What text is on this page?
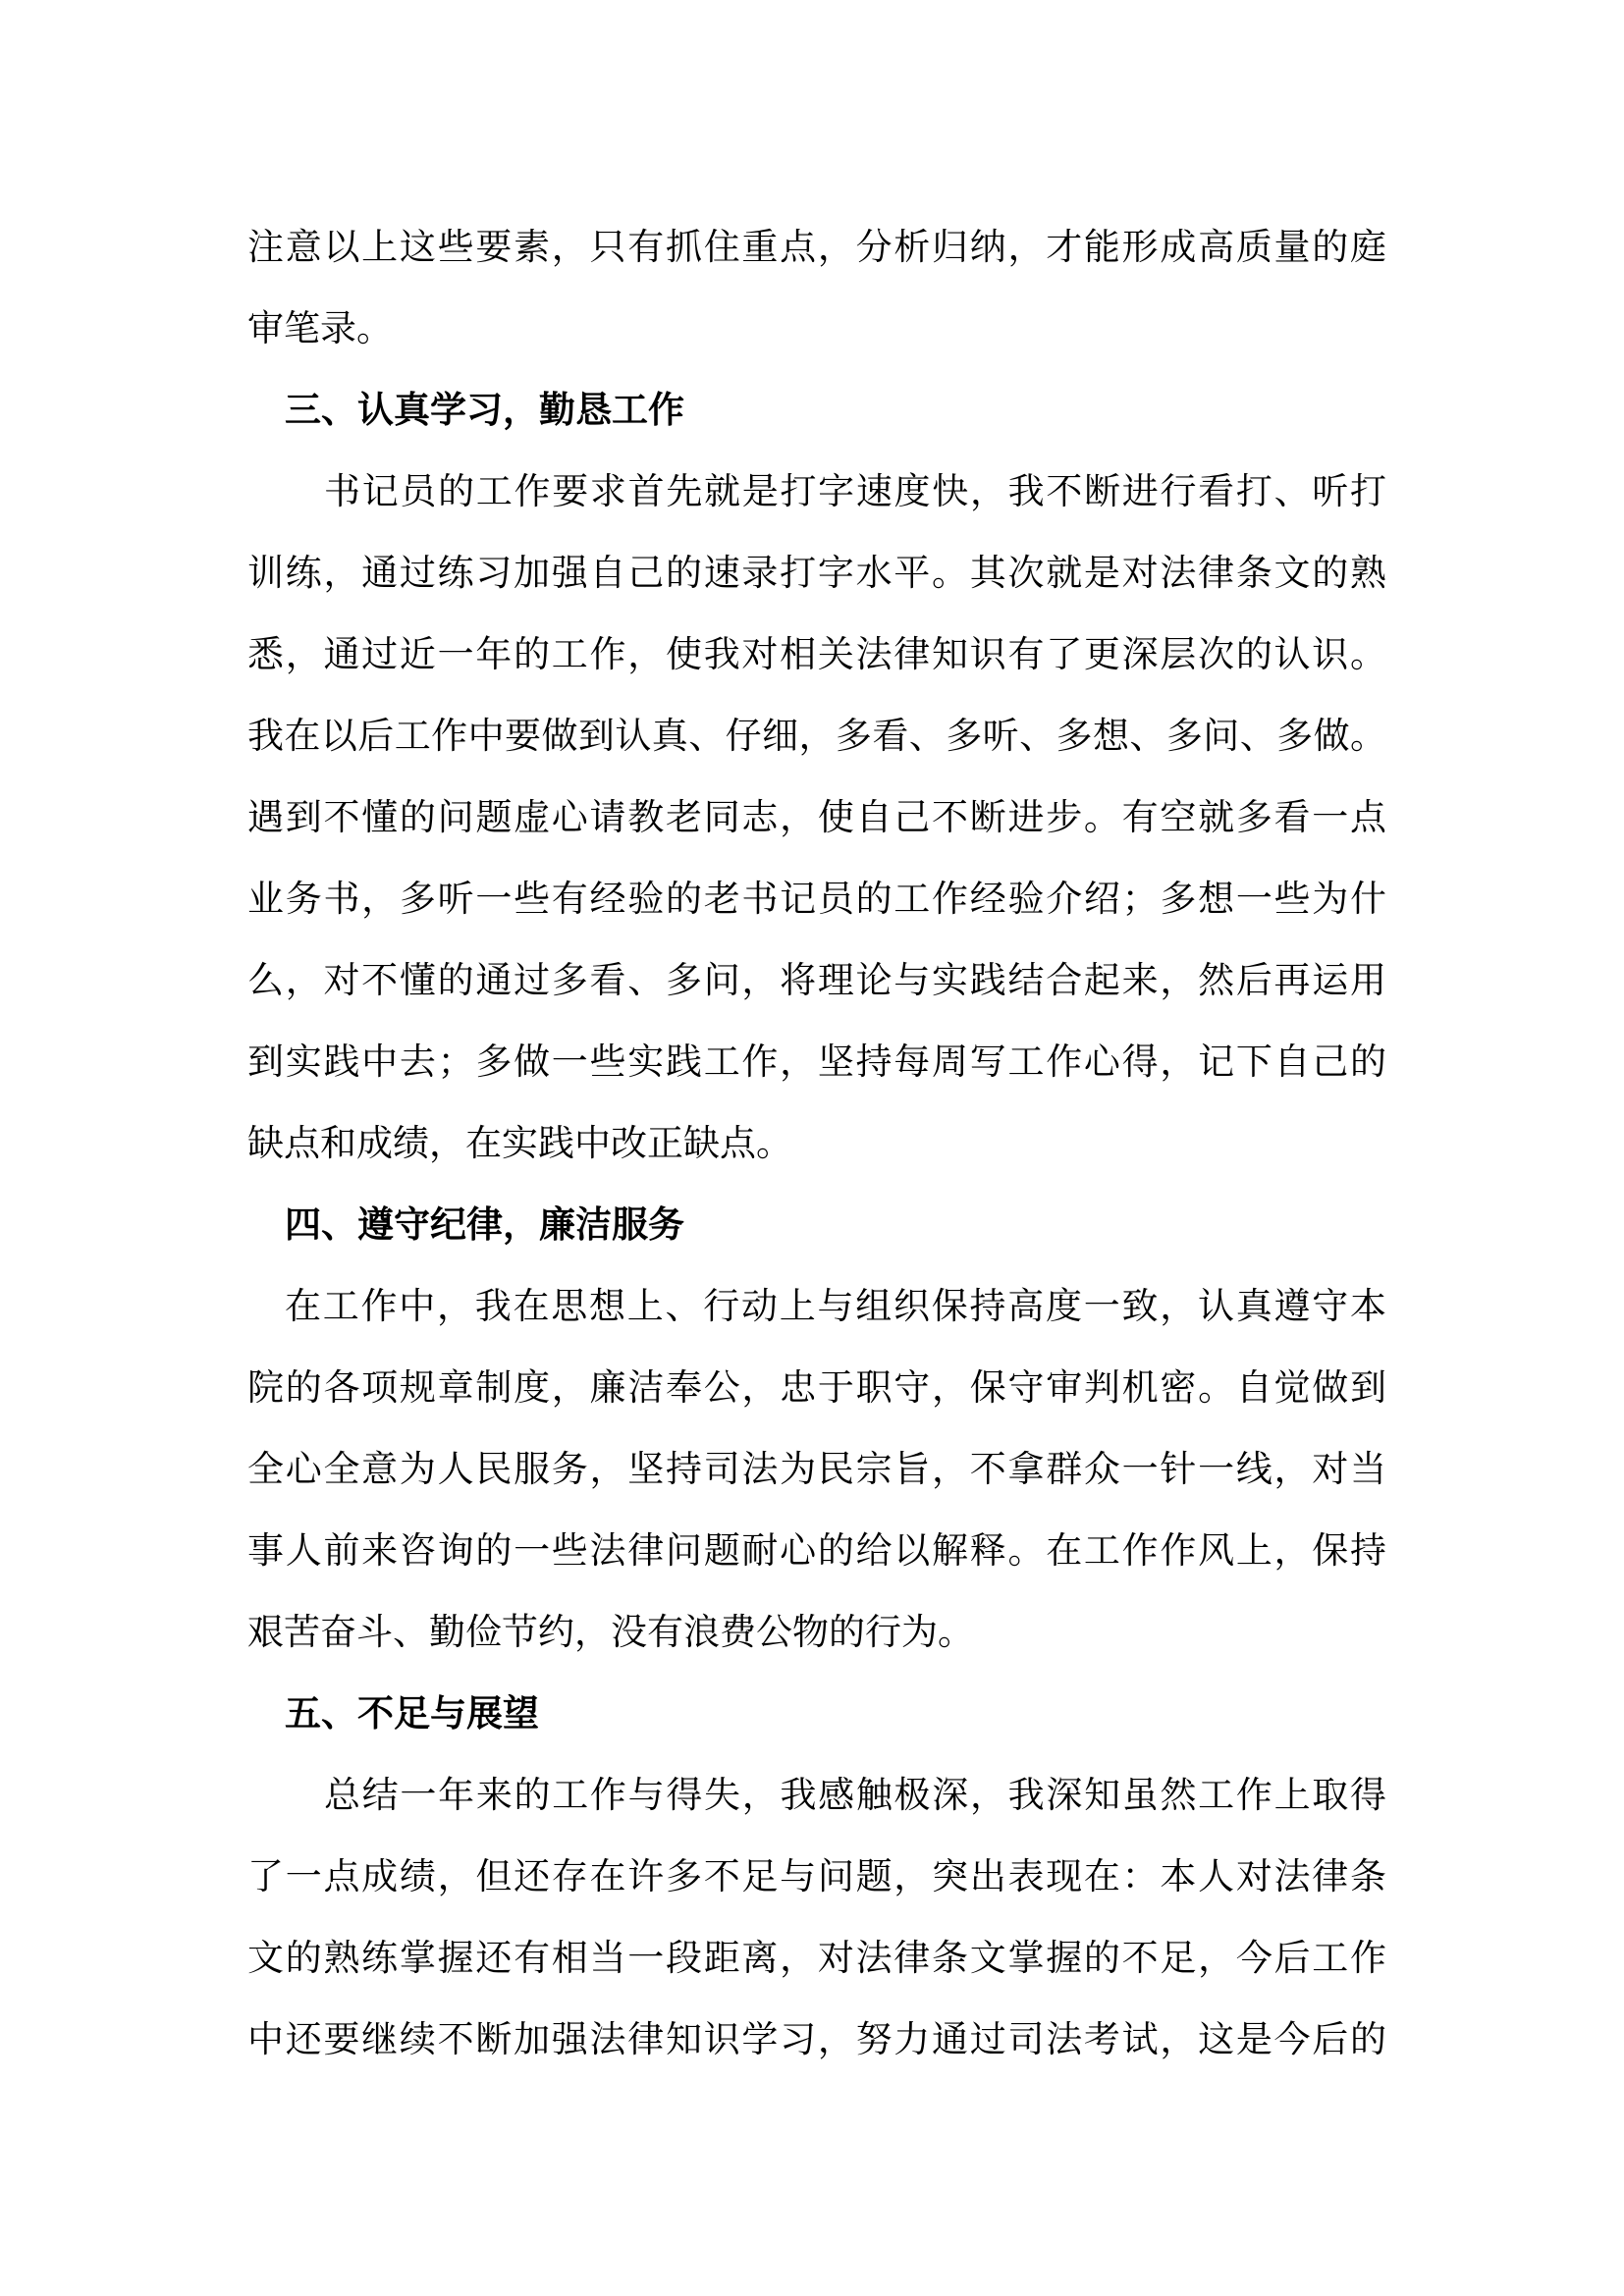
注意以上这些要素，只有抓住重点，分析归纳，才能形成高质量的庭
审笔录。
三、认真学习，勤恳工作
书记员的工作要求首先就是打字速度快，我不断进行看打、听打
训练，通过练习加强自己的速录打字水平。其次就是对法律条文的熟
悉，通过近一年的工作，使我对相关法律知识有了更深层次的认识。
我在以后工作中要做到认真、仔细，多看、多听、多想、多问、多做。
遇到不懂的问题虚心请教老同志，使自己不断进步。有空就多看一点
业务书，多听一些有经验的老书记员的工作经验介绍；多想一些为什
么，对不懂的通过多看、多问，将理论与实践结合起来，然后再运用
到实践中去；多做一些实践工作，坚持每周写工作心得，记下自己的
缺点和成绩，在实践中改正缺点。
四、遵守纪律，廉洁服务
在工作中，我在思想上、行动上与组织保持高度一致，认真遵守本
院的各项规章制度，廉洁奉公，忠于职守，保守审判机密。自觉做到
全心全意为人民服务，坚持司法为民宗旨，不拿群众一针一线，对当
事人前来咨询的一些法律问题耐心的给以解释。在工作作风上，保持
艰苦奋斗、勤俭节约，没有浪费公物的行为。
五、不足与展望
总结一年来的工作与得失，我感触极深，我深知虽然工作上取得
了一点成绩，但还存在许多不足与问题，突出表现在：本人对法律条
文的熟练掌握还有相当一段距离，对法律条文掌握的不足，今后工作
中还要继续不断加强法律知识学习，努力通过司法考试，这是今后的
